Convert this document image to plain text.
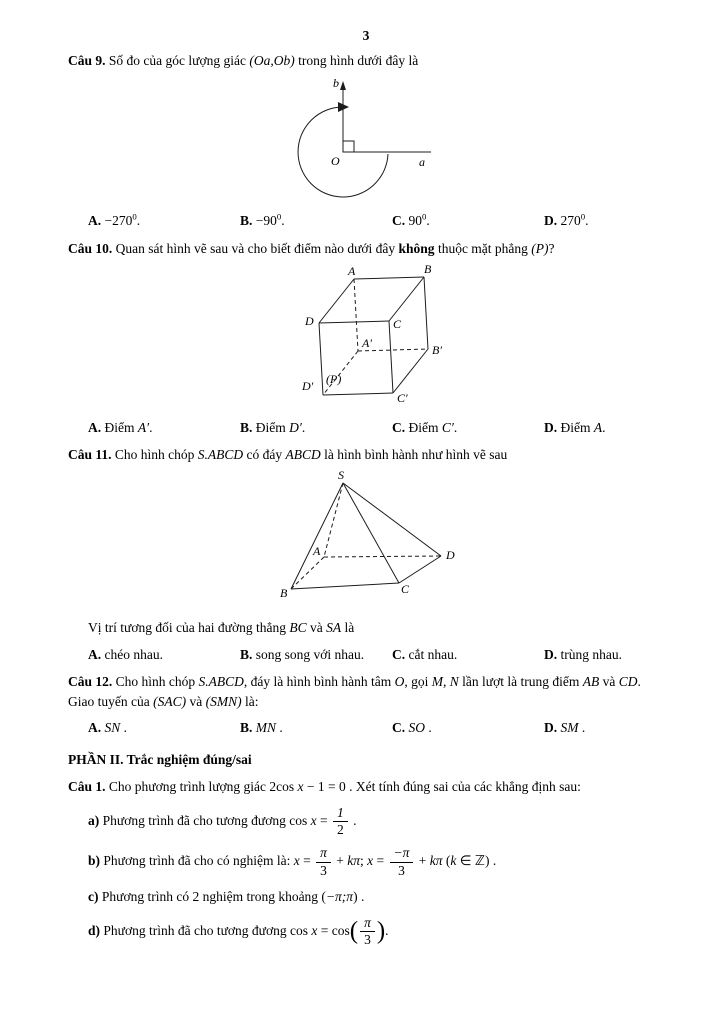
3
Câu 9. Số đo của góc lượng giác (Oa,Ob) trong hình dưới đây là
b
O	a
A. $-270^0$.	B. $-90^0$.	C. $90^0$.	D. $270^0$.
Câu 10. Quan sát hình vẽ sau và cho biết điểm nào dưới đây không thuộc mặt phẳng (P)?
A	B
D	C
A′	B′
D′
C′
(P)
A. Điểm A′.	B. Điểm D′.	C. Điểm C′.	D. Điểm A.
Câu 11. Cho hình chóp S.ABCD có đáy ABCD là hình bình hành như hình vẽ sau
S
A	D
B	C
Vị trí tương đối của hai đường thẳng BC và SA là
A. chéo nhau.	B. song song với nhau.	C. cắt nhau.	D. trùng nhau.
Câu 12. Cho hình chóp S.ABCD, đáy là hình bình hành tâm O, gọi M, N lần lượt là trung điểm AB và CD. Giao tuyến của (SAC) và (SMN) là:
A. SN .	B. MN .	C. SO .	D. SM .
PHẦN II. Trắc nghiệm đúng/sai
Câu 1. Cho phương trình lượng giác 2cos x − 1 = 0 . Xét tính đúng sai của các khẳng định sau:
a) Phương trình đã cho tương đương $\cos x = \frac{1}{2}$ .
b) Phương trình đã cho có nghiệm là: $x = \frac{\pi}{3} + k\pi$; $x = \frac{-\pi}{3} + k\pi$ (k ∈ ℤ) .
c) Phương trình có 2 nghiệm trong khoảng (−π;π) .
d) Phương trình đã cho tương đương $\cos x = \cos( \frac{\pi}{3}$ ).
